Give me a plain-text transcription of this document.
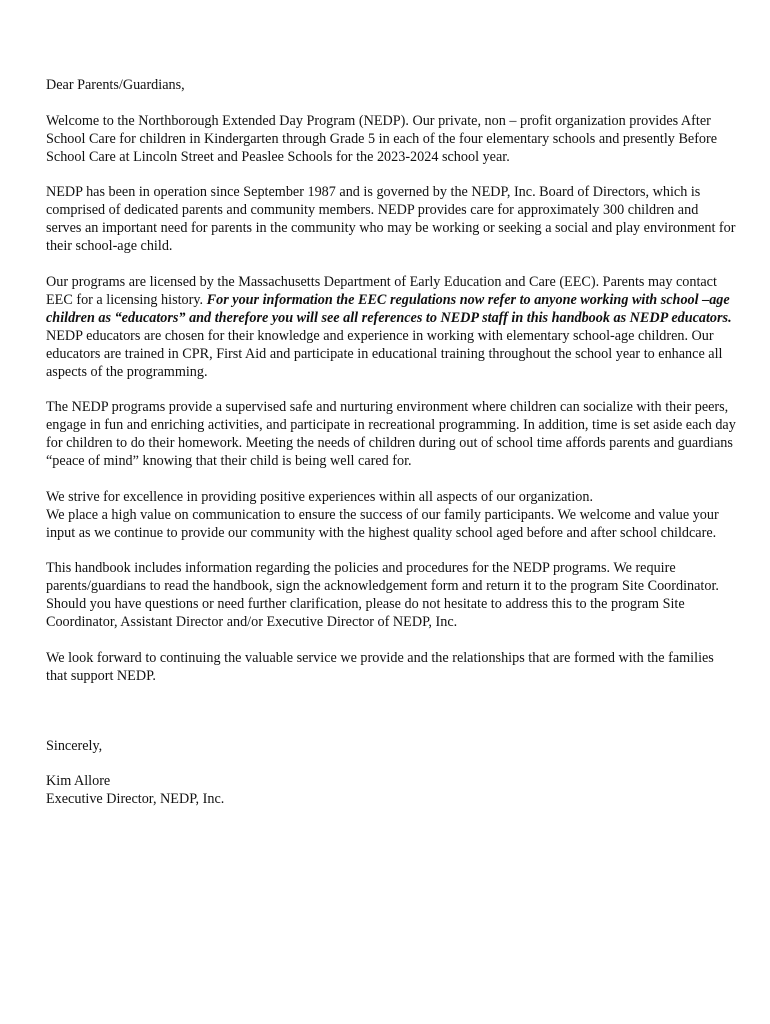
Dear Parents/Guardians,

Welcome to the Northborough Extended Day Program (NEDP). Our private, non – profit organization provides After School Care for children in Kindergarten through Grade 5 in each of the four elementary schools and presently Before School Care at Lincoln Street and Peaslee Schools for the 2023-2024 school year.

NEDP has been in operation since September 1987 and is governed by the NEDP, Inc. Board of Directors, which is comprised of dedicated parents and community members. NEDP provides care for approximately 300 children and serves an important need for parents in the community who may be working or seeking a social and play environment for their school-age child.

Our programs are licensed by the Massachusetts Department of Early Education and Care (EEC). Parents may contact EEC for a licensing history. For your information the EEC regulations now refer to anyone working with school –age children as “educators” and therefore you will see all references to NEDP staff in this handbook as NEDP educators. NEDP educators are chosen for their knowledge and experience in working with elementary school-age children. Our educators are trained in CPR, First Aid and participate in educational training throughout the school year to enhance all aspects of the programming.

The NEDP programs provide a supervised safe and nurturing environment where children can socialize with their peers, engage in fun and enriching activities, and participate in recreational programming. In addition, time is set aside each day for children to do their homework. Meeting the needs of children during out of school time affords parents and guardians “peace of mind” knowing that their child is being well cared for.

We strive for excellence in providing positive experiences within all aspects of our organization.
We place a high value on communication to ensure the success of our family participants. We welcome and value your input as we continue to provide our community with the highest quality school aged before and after school childcare.

This handbook includes information regarding the policies and procedures for the NEDP programs. We require parents/guardians to read the handbook, sign the acknowledgement form and return it to the program Site Coordinator. Should you have questions or need further clarification, please do not hesitate to address this to the program Site Coordinator, Assistant Director and/or Executive Director of NEDP, Inc.

We look forward to continuing the valuable service we provide and the relationships that are formed with the families that support NEDP.

Sincerely,

Kim Allore
Executive Director, NEDP, Inc.
